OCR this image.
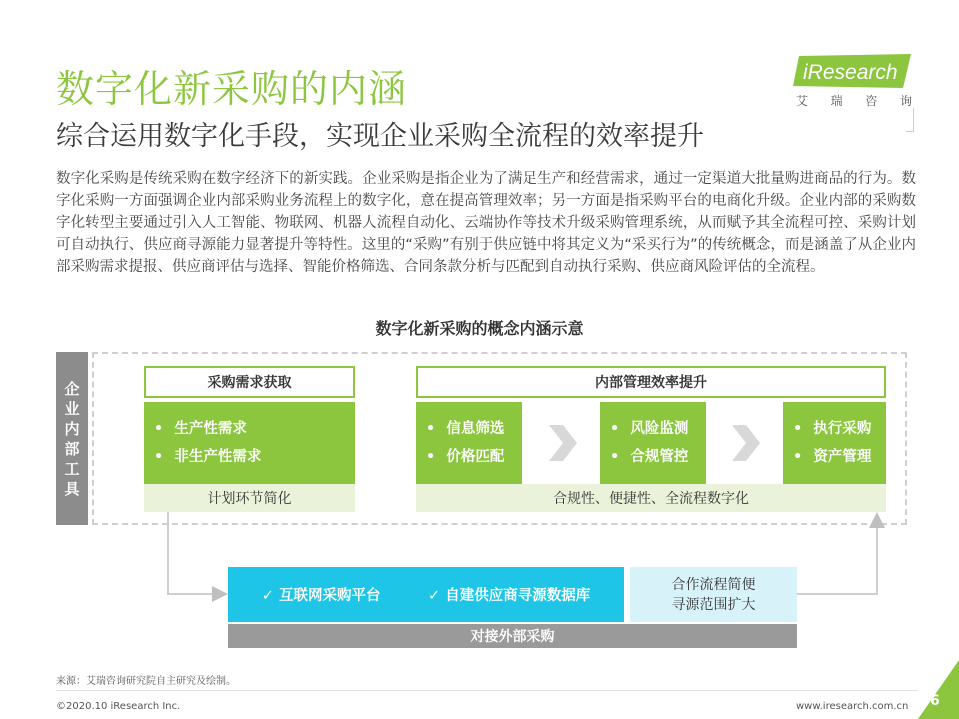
数字化新采购的内涵
综合运用数字化手段，实现企业采购全流程的效率提升
iResearch
艾 瑞 咨 询
数字化采购是传统采购在数字经济下的新实践。企业采购是指企业为了满足生产和经营需求，通过一定渠道大批量购进商品的行为。数字化采购一方面强调企业内部采购业务流程上的数字化，意在提高管理效率；另一方面是指采购平台的电商化升级。企业内部的采购数字化转型主要通过引入人工智能、物联网、机器人流程自动化、云端协作等技术升级采购管理系统，从而赋予其全流程可控、采购计划可自动执行、供应商寻源能力显著提升等特性。这里的“采购”有别于供应链中将其定义为“采买行为”的传统概念，而是涵盖了从企业内部采购需求提报、供应商评估与选择、智能价格筛选、合同条款分析与匹配到自动执行采购、供应商风险评估的全流程。
数字化新采购的概念内涵示意
企
业
内
部
工
具
采购需求获取
• 生产性需求
• 非生产性需求
计划环节简化
内部管理效率提升
• 信息筛选
• 价格匹配
• 风险监测
• 合规管控
• 执行采购
• 资产管理
合规性、便捷性、全流程数字化
✓ 互联网采购平台	✓ 自建供应商寻源数据库
合作流程简便
寻源范围扩大
对接外部采购
来源：艾瑞咨询研究院自主研究及绘制。
©2020.10 iResearch Inc.	www.iresearch.com.cn 6
